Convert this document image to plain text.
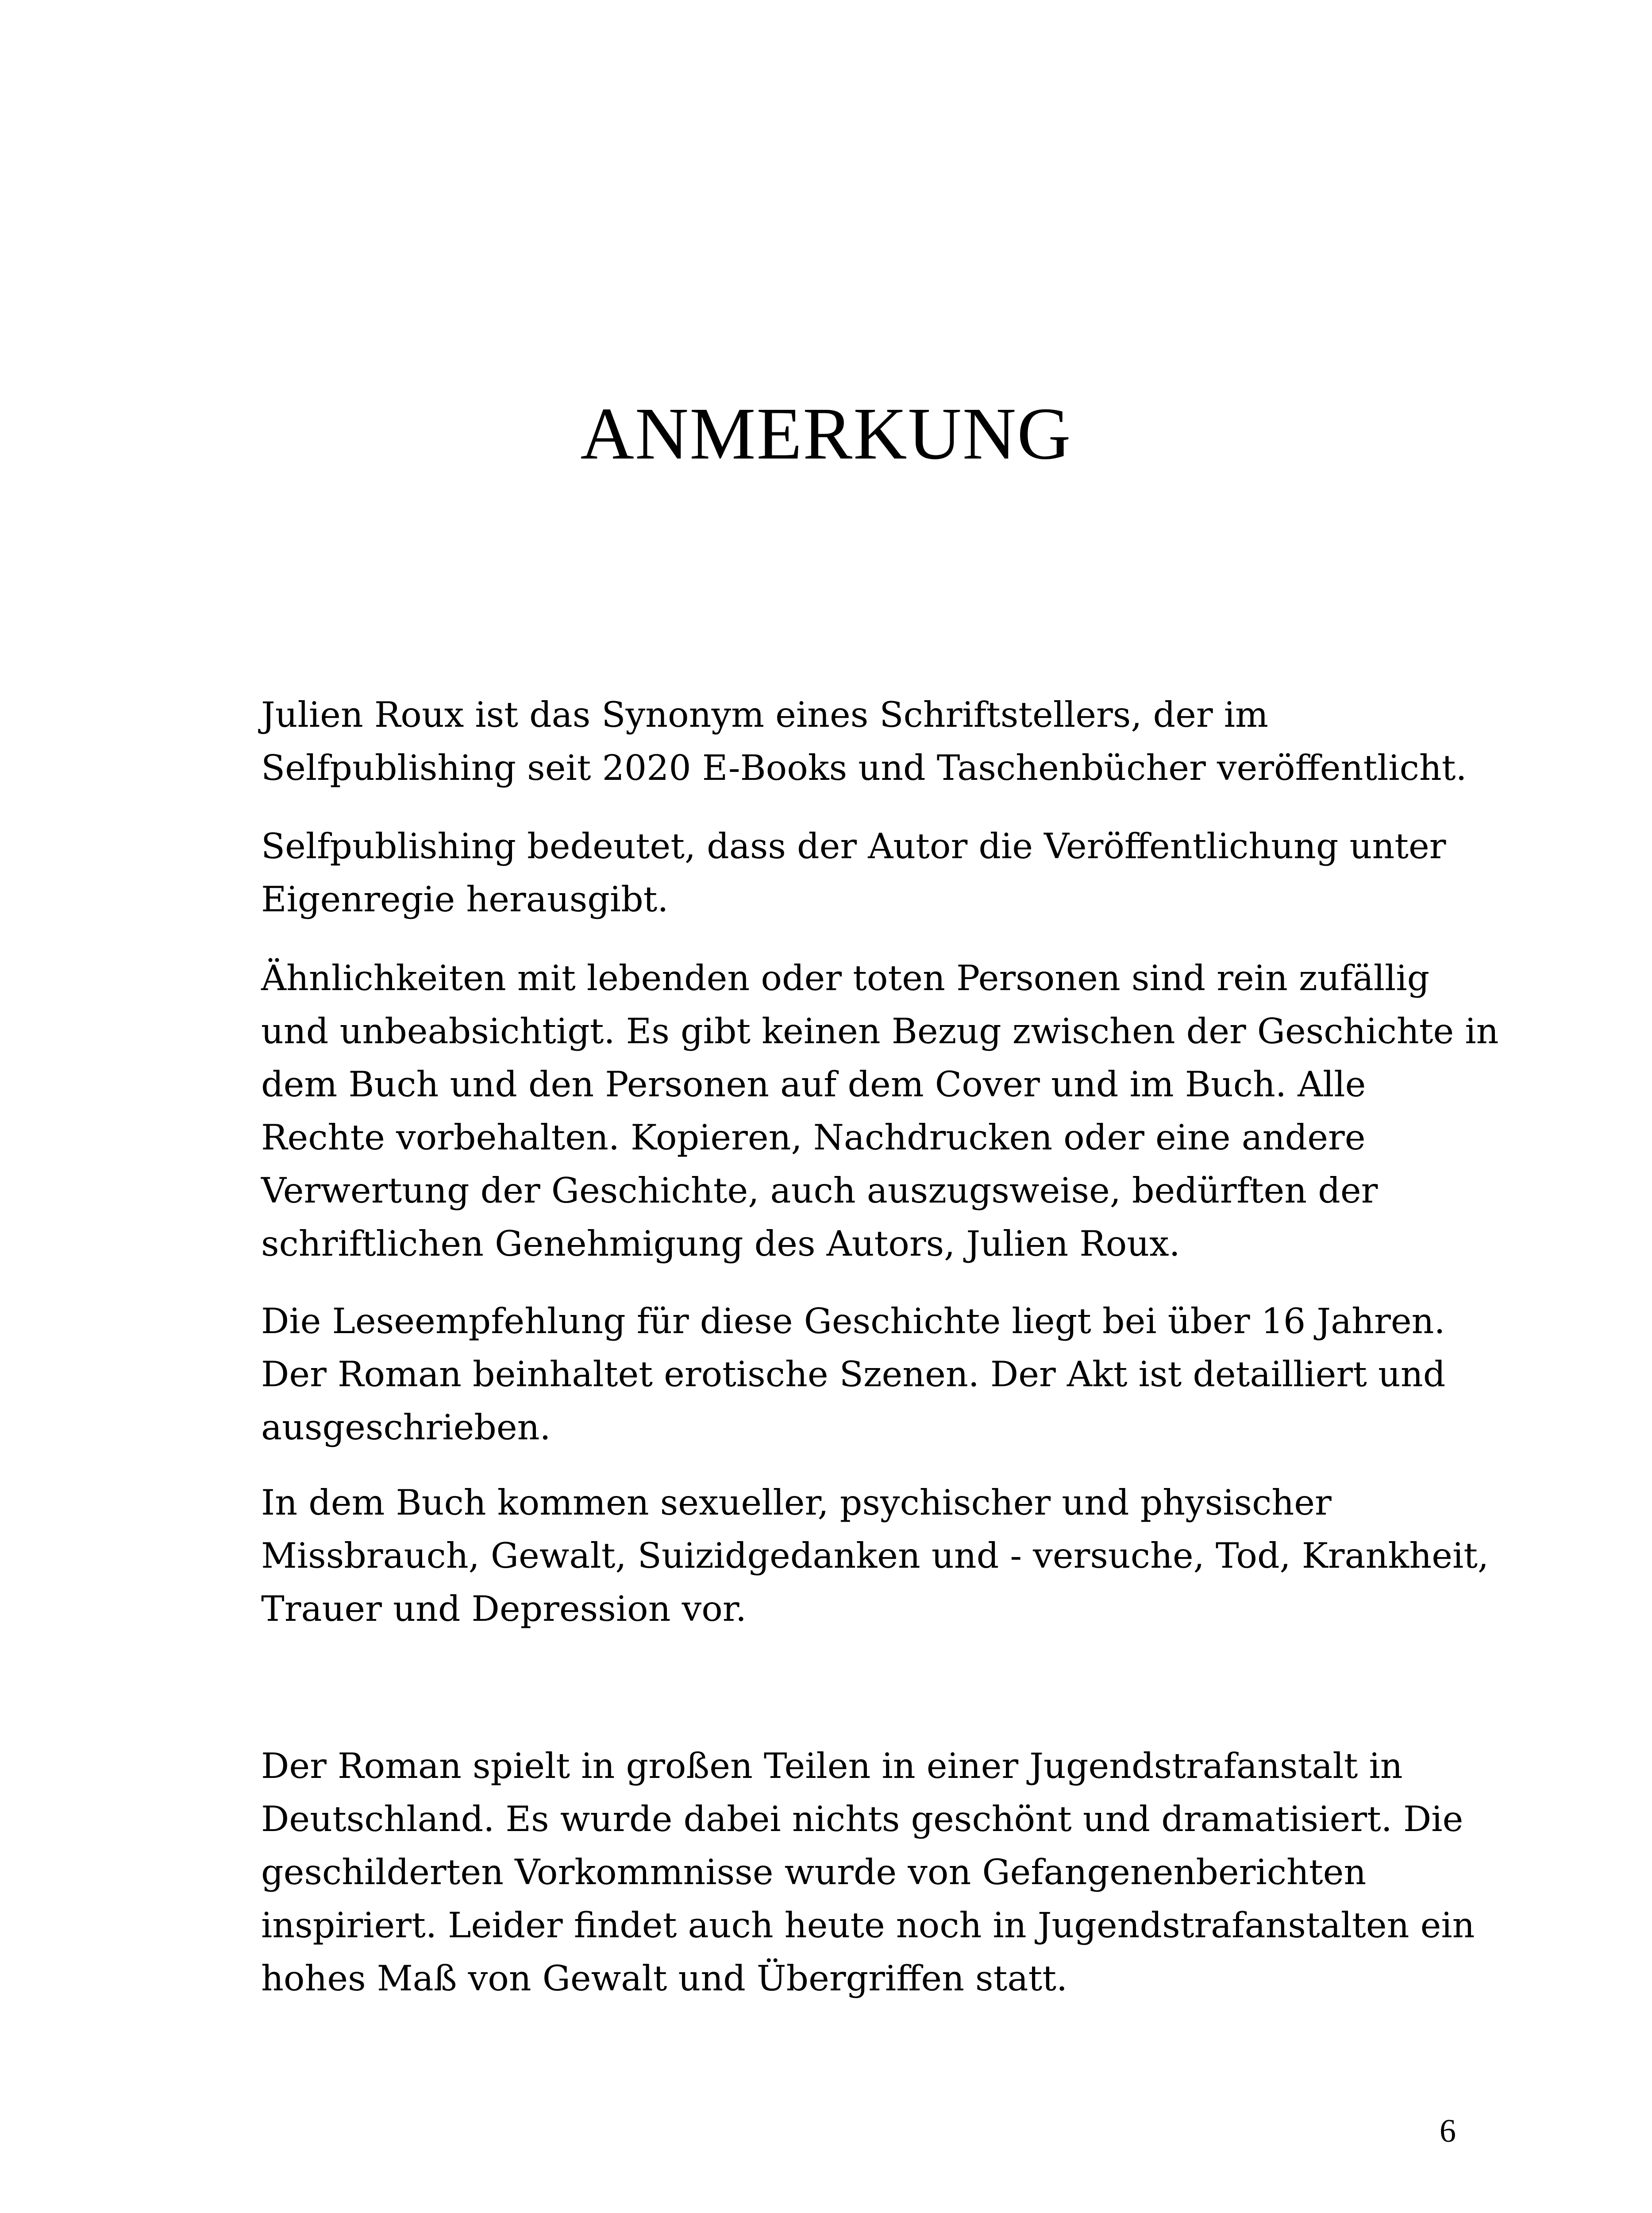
ANMERKUNG

Julien Roux ist das Synonym eines Schriftstellers, der im
Selfpublishing seit 2020 E-Books und Taschenbücher veröffentlicht.

Selfpublishing bedeutet, dass der Autor die Veröffentlichung unter
Eigenregie herausgibt.

Ähnlichkeiten mit lebenden oder toten Personen sind rein zufällig
und unbeabsichtigt. Es gibt keinen Bezug zwischen der Geschichte in
dem Buch und den Personen auf dem Cover und im Buch. Alle
Rechte vorbehalten. Kopieren, Nachdrucken oder eine andere
Verwertung der Geschichte, auch auszugsweise, bedürften der
schriftlichen Genehmigung des Autors, Julien Roux.

Die Leseempfehlung für diese Geschichte liegt bei über 16 Jahren.
Der Roman beinhaltet erotische Szenen. Der Akt ist detailliert und
ausgeschrieben.

In dem Buch kommen sexueller, psychischer und physischer
Missbrauch, Gewalt, Suizidgedanken und - versuche, Tod, Krankheit,
Trauer und Depression vor.

Der Roman spielt in großen Teilen in einer Jugendstrafanstalt in
Deutschland. Es wurde dabei nichts geschönt und dramatisiert. Die
geschilderten Vorkommnisse wurde von Gefangenenberichten
inspiriert. Leider findet auch heute noch in Jugendstrafanstalten ein
hohes Maß von Gewalt und Übergriffen statt.

6
